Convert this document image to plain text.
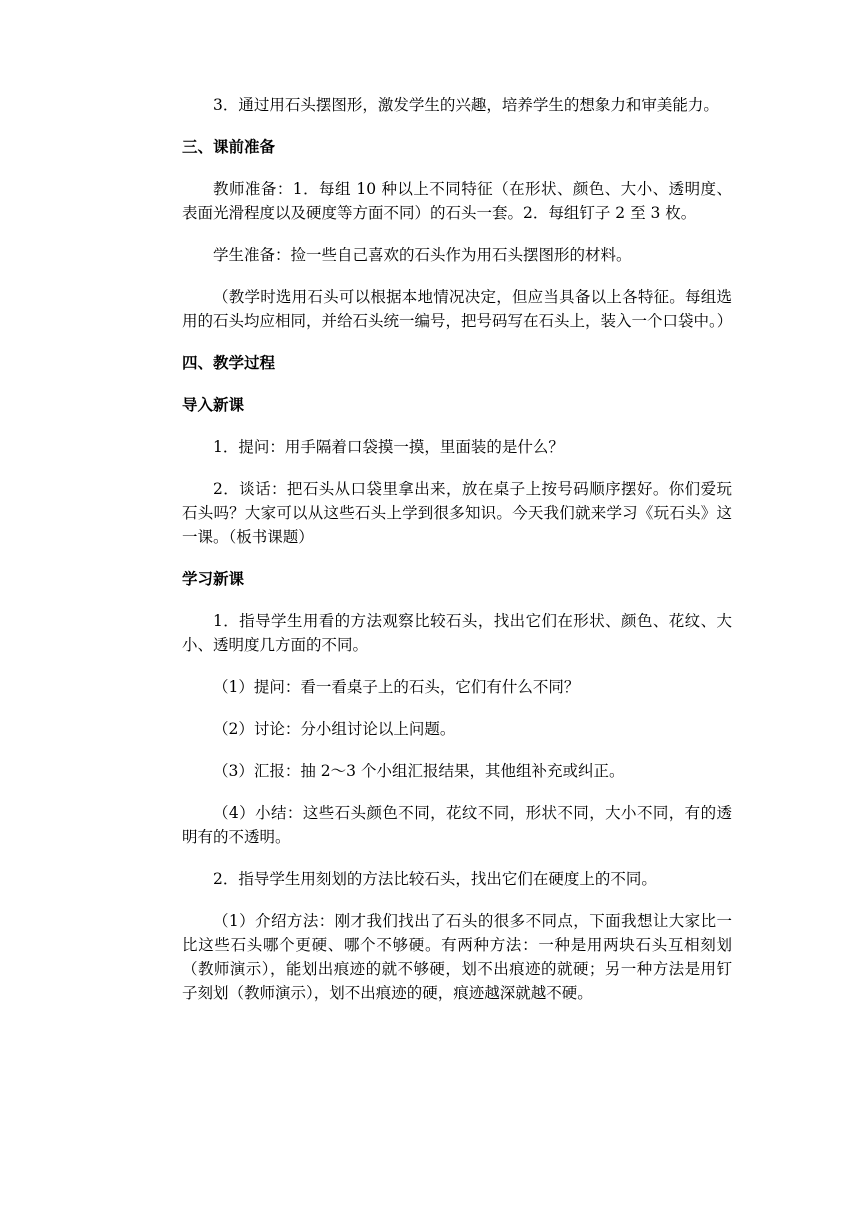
3．通过用石头摆图形，激发学生的兴趣，培养学生的想象力和审美能力。

三、课前准备

教师准备：1．每组 10 种以上不同特征（在形状、颜色、大小、透明度、表面光滑程度以及硬度等方面不同）的石头一套。2．每组钉子 2 至 3 枚。

学生准备：捡一些自己喜欢的石头作为用石头摆图形的材料。

（教学时选用石头可以根据本地情况决定，但应当具备以上各特征。每组选用的石头均应相同，并给石头统一编号，把号码写在石头上，装入一个口袋中。）

四、教学过程
导入新课

1．提问：用手隔着口袋摸一摸，里面装的是什么？

2．谈话：把石头从口袋里拿出来，放在桌子上按号码顺序摆好。你们爱玩石头吗？大家可以从这些石头上学到很多知识。今天我们就来学习《玩石头》这一课。（板书课题）

学习新课

1．指导学生用看的方法观察比较石头，找出它们在形状、颜色、花纹、大小、透明度几方面的不同。

（1）提问：看一看桌子上的石头，它们有什么不同？

（2）讨论：分小组讨论以上问题。

（3）汇报：抽 2～3 个小组汇报结果，其他组补充或纠正。

（4）小结：这些石头颜色不同，花纹不同，形状不同，大小不同，有的透明有的不透明。

2．指导学生用刻划的方法比较石头，找出它们在硬度上的不同。

（1）介绍方法：刚才我们找出了石头的很多不同点，下面我想让大家比一比这些石头哪个更硬、哪个不够硬。有两种方法：一种是用两块石头互相刻划（教师演示），能划出痕迹的就不够硬，划不出痕迹的就硬；另一种方法是用钉子刻划（教师演示），划不出痕迹的硬，痕迹越深就越不硬。
